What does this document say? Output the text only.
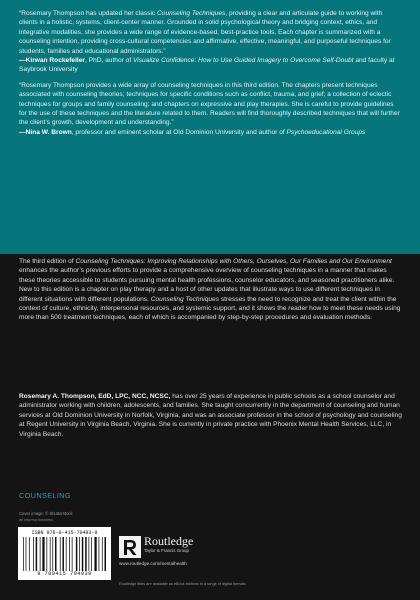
“Rosemary Thompson has updated her classic Counseling Techniques, providing a clear and articulate guide to working with clients in a holistic, systems, client-center manner. Grounded in solid psychological theory and bridging context, ethics, and integrative modalities, she provides a wide range of evidence-based, best-practice tools. Each chapter is summarized with a counseling intention, providing cross-cultural competencies and affirmative, effective, meaningful, and purposeful techniques for students, families and educational administrators.”
—Kirwan Rockefeller, PhD, author of Visualize Confidence: How to Use Guided Imagery to Overcome Self-Doubt and faculty at Saybrook University

“Rosemary Thompson provides a wide array of counseling techniques in this third edition. The chapters present techniques associated with counseling theories; techniques for specific conditions such as conflict, trauma, and grief; a collection of eclectic techniques for groups and family counseling; and chapters on expressive and play therapies. She is careful to provide guidelines for the use of these techniques and the literature related to them. Readers will find thoroughly described techniques that will further the client’s growth, development and understanding.”
—Nina W. Brown, professor and eminent scholar at Old Dominion University and author of Psychoeducational Groups

The third edition of Counseling Techniques: Improving Relationships with Others, Ourselves, Our Families and Our Environment enhances the author’s previous efforts to provide a comprehensive overview of counseling techniques in a manner that makes these theories accessible to students pursuing mental health professions, counselor educators, and seasoned practitioners alike. New to this edition is a chapter on play therapy and a host of other updates that illustrate ways to use different techniques in different situations with different populations. Counseling Techniques stresses the need to recognize and treat the client within the context of culture, ethnicity, interpersonal resources, and systemic support, and it shows the reader how to meet these needs using more than 500 treatment techniques, each of which is accompanied by step-by-step procedures and evaluation methods.

Rosemary A. Thompson, EdD, LPC, NCC, NCSC, has over 25 years of experience in public schools as a school counselor and administrator working with children, adolescents, and families. She taught concurrently in the department of counseling and human services at Old Dominion University in Norfolk, Virginia, and was an associate professor in the school of psychology and counseling at Regent University in Virginia Beach, Virginia. She is currently in private practice with Phoenix Mental Health Services, LLC, in Virginia Beach.

COUNSELING
Cover image: © Shutterstock
an informa business
ISBN 978-0-415-70493-9
9 780415 704939
Routledge
Taylor & Francis Group
www.routledge.com/mentalhealth
Routledge titles are available as eBook editions in a range of digital formats
